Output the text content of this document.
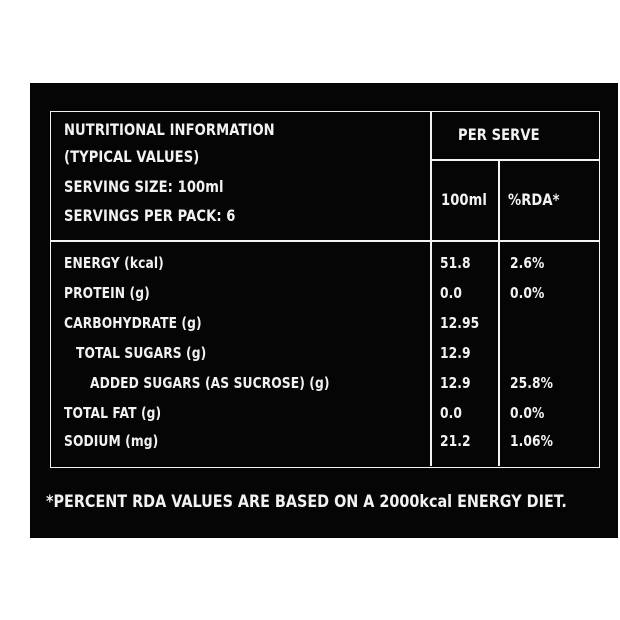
NUTRITIONAL INFORMATION
(TYPICAL VALUES)
SERVING SIZE: 100ml
SERVINGS PER PACK: 6
PER SERVE
100ml %RDA*
ENERGY (kcal)	51.8	2.6%
PROTEIN (g)	0.0	0.0%
CARBOHYDRATE (g)	12.95
TOTAL SUGARS (g)	12.9
ADDED SUGARS (AS SUCROSE) (g)	12.9	25.8%
TOTAL FAT (g)	0.0	0.0%
SODIUM (mg)	21.2	1.06%
*PERCENT RDA VALUES ARE BASED ON A 2000kcal ENERGY DIET.
